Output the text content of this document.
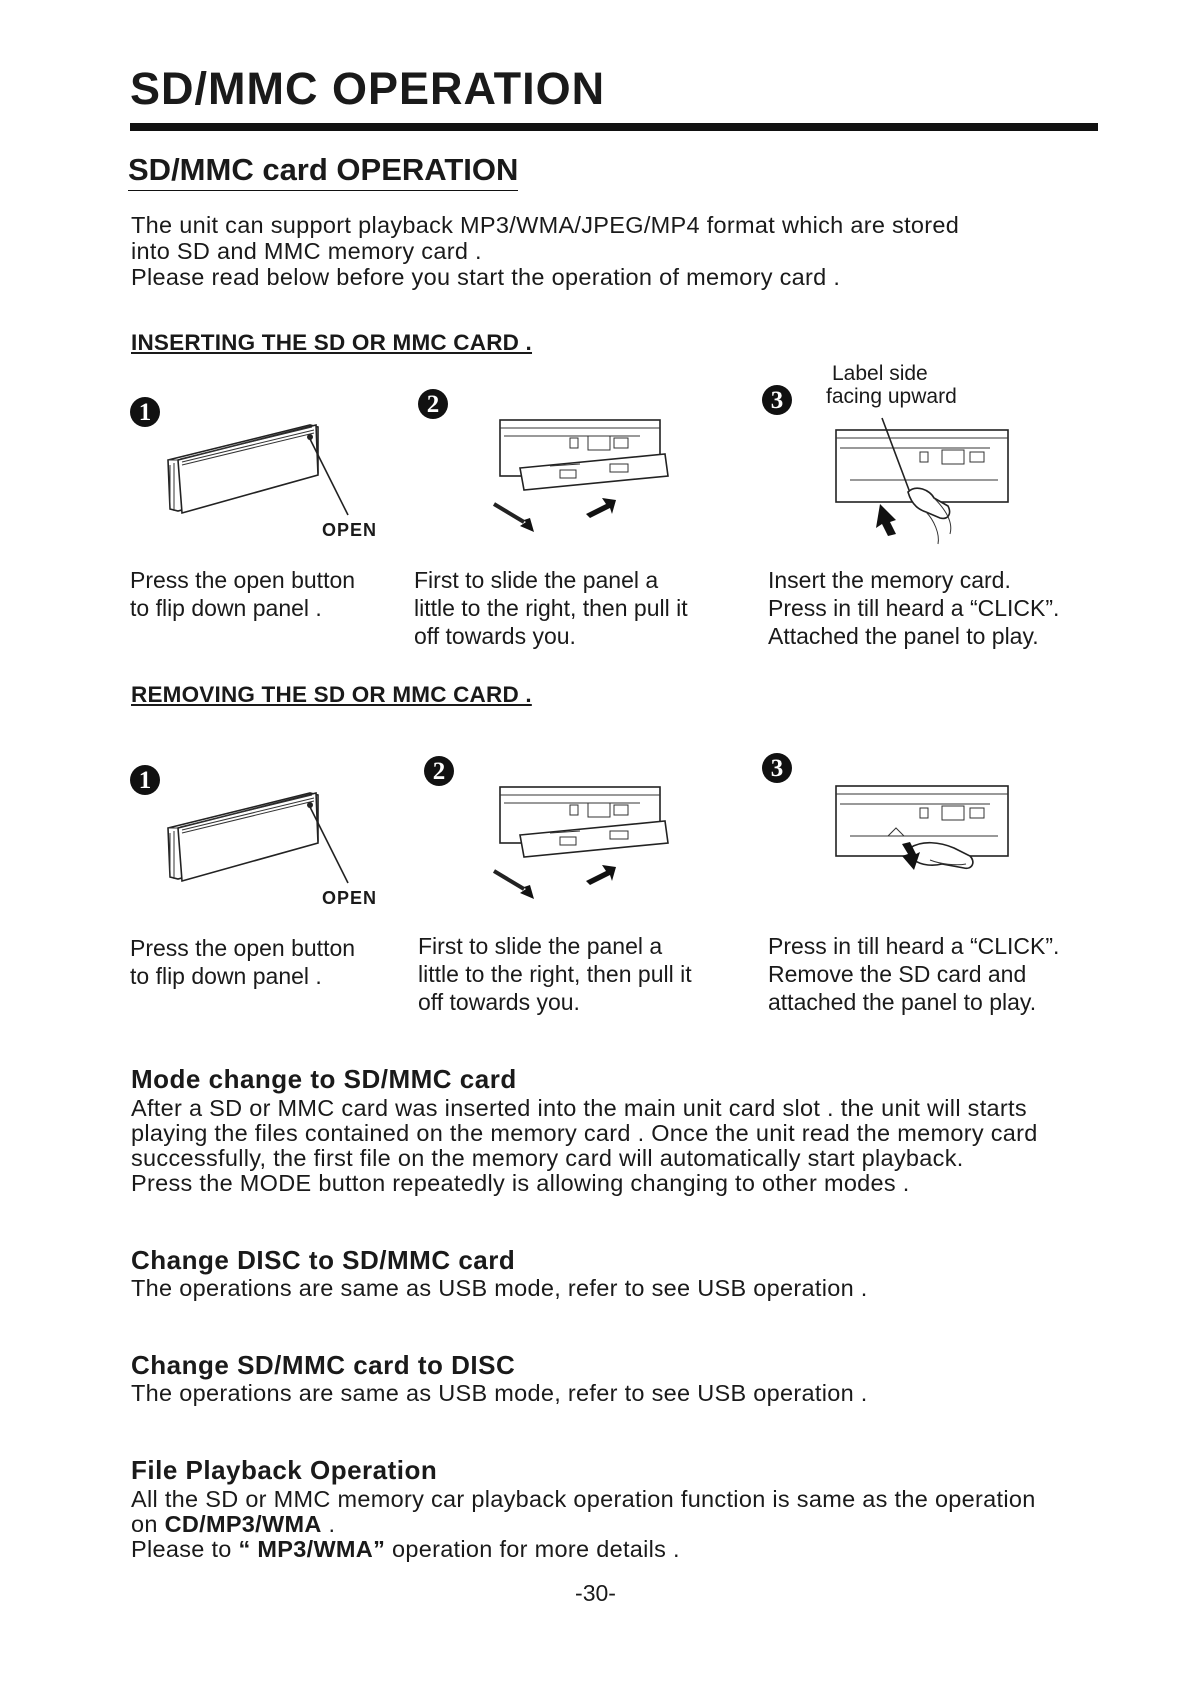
SD/MMC OPERATION
SD/MMC card OPERATION
The unit can support playback MP3/WMA/JPEG/MP4 format which are stored
into SD and MMC memory card .
Please read below before you start the operation of memory card .
INSERTING THE SD OR MMC CARD .
1
OPEN
Press the open button
to flip down panel .
2
First to slide the panel a
little to the right, then pull it
off towards you.
3
Label side
facing upward
Insert the memory card.
Press in till heard a “CLICK”.
Attached the panel to play.
REMOVING THE SD OR MMC CARD .
1
OPEN
Press the open button
to flip down panel .
2
First to slide the panel a
little to the right, then pull it
off towards you.
3
Press in till heard a “CLICK”.
Remove the SD card and
attached the panel to play.
Mode change to SD/MMC card
After a SD or MMC card was inserted into the main unit card slot . the unit will starts
playing the files contained on the memory card . Once the unit read the memory card
successfully, the first file on the memory card will automatically start playback.
Press the MODE button repeatedly is allowing changing to other modes .
Change DISC to SD/MMC card
The operations are same as USB mode, refer to see USB operation .
Change SD/MMC card to DISC
The operations are same as USB mode, refer to see USB operation .
File Playback Operation
All the SD or MMC memory car playback operation function is same as the operation
on CD/MP3/WMA .
Please to “ MP3/WMA” operation for more details .
-30-
